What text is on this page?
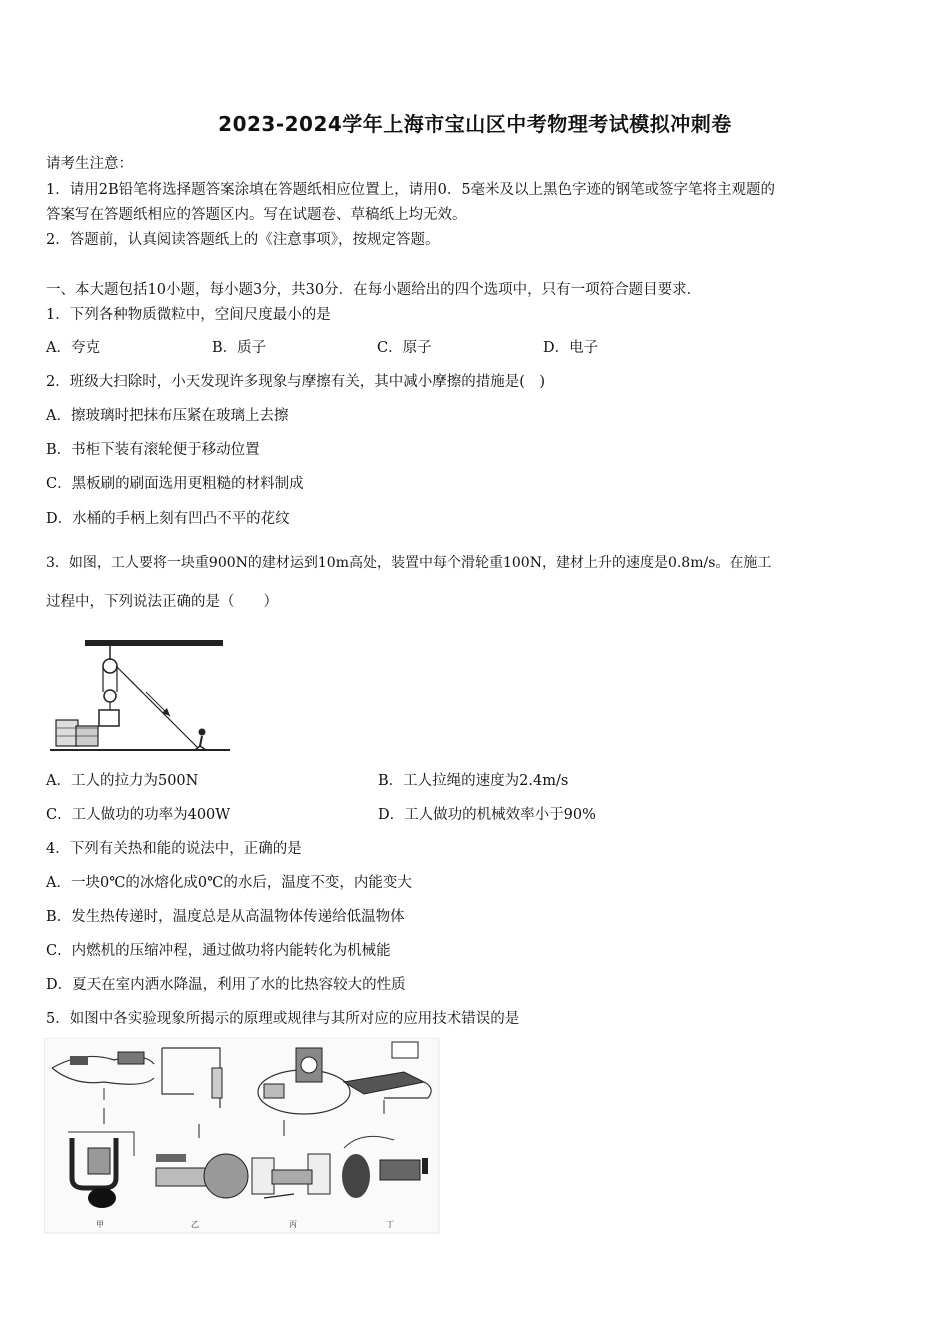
2023-2024学年上海市宝山区中考物理考试模拟冲刺卷
请考生注意：
1．请用2B铅笔将选择题答案涂填在答题纸相应位置上，请用0．5毫米及以上黑色字迹的钢笔或签字笔将主观题的
答案写在答题纸相应的答题区内。写在试题卷、草稿纸上均无效。
2．答题前，认真阅读答题纸上的《注意事项》，按规定答题。
一、本大题包括10小题，每小题3分，共30分．在每小题给出的四个选项中，只有一项符合题目要求．
1．下列各种物质微粒中，空间尺度最小的是
A．夸克	B．质子	C．原子	D．电子
2．班级大扫除时，小天发现许多现象与摩擦有关，其中减小摩擦的措施是(　)
A．擦玻璃时把抹布压紧在玻璃上去擦
B．书柜下装有滚轮便于移动位置
C．黑板刷的刷面选用更粗糙的材料制成
D．水桶的手柄上刻有凹凸不平的花纹
3．如图，工人要将一块重900N的建材运到10m高处，装置中每个滑轮重100N，建材上升的速度是0.8m/s。在施工
过程中，下列说法正确的是（　　）
A．工人的拉力为500N	B．工人拉绳的速度为2.4m/s
C．工人做功的功率为400W	D．工人做功的机械效率小于90%
4．下列有关热和能的说法中，正确的是
A．一块0℃的冰熔化成0℃的水后，温度不变，内能变大
B．发生热传递时，温度总是从高温物体传递给低温物体
C．内燃机的压缩冲程，通过做功将内能转化为机械能
D．夏天在室内洒水降温，利用了水的比热容较大的性质
5．如图中各实验现象所揭示的原理或规律与其所对应的应用技术错误的是
甲	乙	丙	丁
